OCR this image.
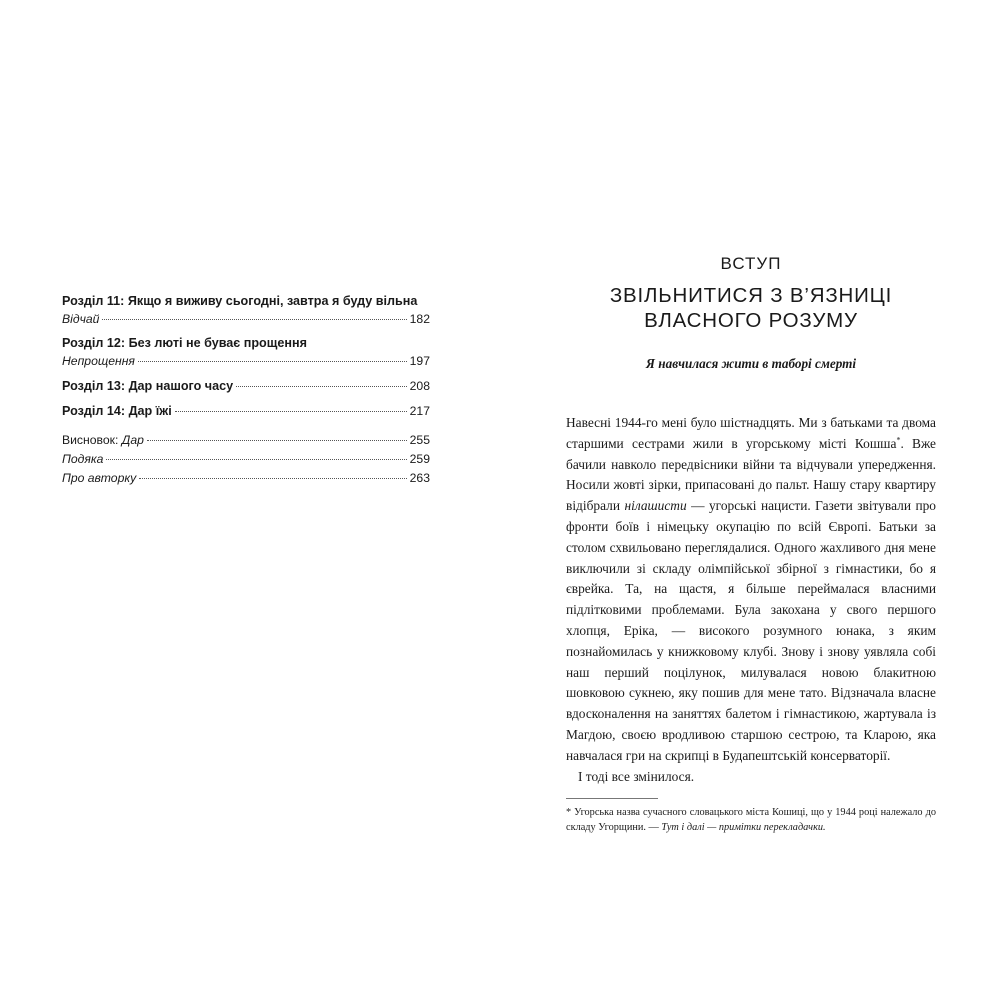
Розділ 11: Якщо я виживу сьогодні, завтра я буду вільна
Відчай	182
Розділ 12: Без люті не буває прощення
Непрощення	197
Розділ 13: Дар нашого часу	208
Розділ 14: Дар їжі	217
Висновок: Дар	255
Подяка	259
Про авторку	263
ВСТУП
ЗВІЛЬНИТИСЯ З В’ЯЗНИЦІ
ВЛАСНОГО РОЗУМУ
Я навчилася жити в таборі смерті

Навесні 1944-го мені було шістнадцять. Ми з батьками та двома старшими сестрами жили в угорському місті Кошша*. Вже бачили навколо передвісники війни та відчували упередження. Носили жовті зірки, припасовані до пальт. Нашу стару квартиру відібрали нілашисти — угорські нацисти. Газети звітували про фронти боїв і німецьку окупацію по всій Європі. Батьки за столом схвильовано переглядалися. Одного жахливого дня мене виключили зі складу олімпійської збірної з гімнастики, бо я єврейка. Та, на щастя, я більше переймалася власними підлітковими проблемами. Була закохана у свого першого хлопця, Еріка, — високого розумного юнака, з яким познайомилась у книжковому клубі. Знову і знову уявляла собі наш перший поцілунок, милувалася новою блакитною шовковою сукнею, яку пошив для мене тато. Відзначала власне вдосконалення на заняттях балетом і гімнастикою, жартувала із Магдою, своєю вродливою старшою сестрою, та Кларою, яка навчалася гри на скрипці в Будапештській консерваторії.

І тоді все змінилося.

* Угорська назва сучасного словацького міста Кошиці, що у 1944 році належало до складу Угорщини. — Тут і далі — примітки перекладачки.
